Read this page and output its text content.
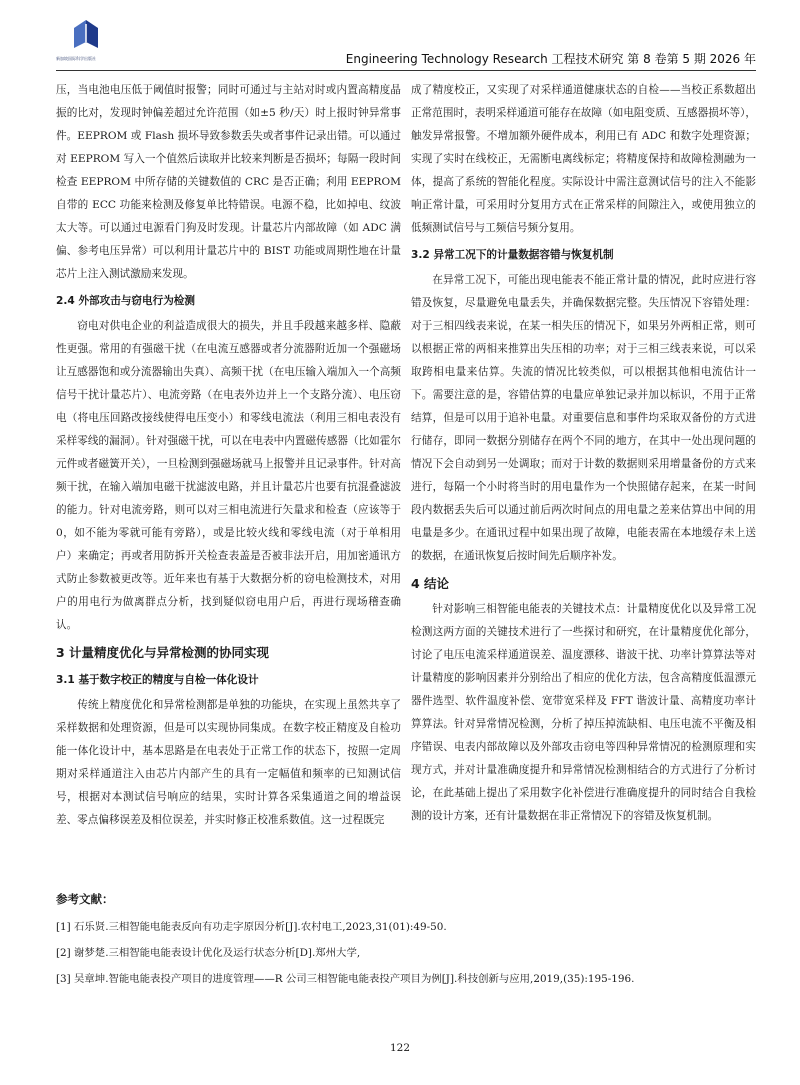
新加坡国际科学出版社	Engineering Technology Research 工程技术研究 第 8 卷第 5 期 2026 年

压，当电池电压低于阈值时报警；同时可通过与主站对时或内置高精度晶振的比对，发现时钟偏差超过允许范围（如±5 秒/天）时上报时钟异常事件。EEPROM 或 Flash 损坏导致参数丢失或者事件记录出错。可以通过对 EEPROM 写入一个值然后读取并比较来判断是否损坏；每隔一段时间检查 EEPROM 中所存储的关键数值的 CRC 是否正确；利用 EEPROM 自带的 ECC 功能来检测及修复单比特错误。电源不稳，比如掉电、纹波太大等。可以通过电源看门狗及时发现。计量芯片内部故障（如 ADC 满偏、参考电压异常）可以利用计量芯片中的 BIST 功能或周期性地在计量芯片上注入测试激励来发现。

2.4 外部攻击与窃电行为检测

窃电对供电企业的利益造成很大的损失，并且手段越来越多样、隐蔽性更强。常用的有强磁干扰（在电流互感器或者分流器附近加一个强磁场让互感器饱和或分流器输出失真）、高频干扰（在电压输入端加入一个高频信号干扰计量芯片）、电流旁路（在电表外边并上一个支路分流）、电压窃电（将电压回路改接线使得电压变小）和零线电流法（利用三相电表没有采样零线的漏洞）。针对强磁干扰，可以在电表中内置磁传感器（比如霍尔元件或者磁簧开关），一旦检测到强磁场就马上报警并且记录事件。针对高频干扰，在输入端加电磁干扰滤波电路，并且计量芯片也要有抗混叠滤波的能力。针对电流旁路，则可以对三相电流进行矢量求和检查（应该等于 0，如不能为零就可能有旁路），或是比较火线和零线电流（对于单相用户）来确定；再或者用防拆开关检查表盖是否被非法开启，用加密通讯方式防止参数被更改等。近年来也有基于大数据分析的窃电检测技术，对用户的用电行为做离群点分析，找到疑似窃电用户后，再进行现场稽查确认。

3 计量精度优化与异常检测的协同实现
3.1 基于数字校正的精度与自检一体化设计

传统上精度优化和异常检测都是单独的功能块，在实现上虽然共享了采样数据和处理资源，但是可以实现协同集成。在数字校正精度及自检功能一体化设计中，基本思路是在电表处于正常工作的状态下，按照一定周期对采样通道注入由芯片内部产生的具有一定幅值和频率的已知测试信号，根据对本测试信号响应的结果，实时计算各采集通道之间的增益误差、零点偏移误差及相位误差，并实时修正校准系数值。这一过程既完

成了精度校正，又实现了对采样通道健康状态的自检——当校正系数超出正常范围时，表明采样通道可能存在故障（如电阻变质、互感器损坏等），触发异常报警。不增加额外硬件成本，利用已有 ADC 和数字处理资源；实现了实时在线校正，无需断电离线标定；将精度保持和故障检测融为一体，提高了系统的智能化程度。实际设计中需注意测试信号的注入不能影响正常计量，可采用时分复用方式在正常采样的间隙注入，或使用独立的低频测试信号与工频信号频分复用。

3.2 异常工况下的计量数据容错与恢复机制

在异常工况下，可能出现电能表不能正常计量的情况，此时应进行容错及恢复，尽量避免电量丢失，并确保数据完整。失压情况下容错处理：对于三相四线表来说，在某一相失压的情况下，如果另外两相正常，则可以根据正常的两相来推算出失压相的功率；对于三相三线表来说，可以采取跨相电量来估算。失流的情况比较类似，可以根据其他相电流估计一下。需要注意的是，容错估算的电量应单独记录并加以标识，不用于正常结算，但是可以用于追补电量。对重要信息和事件均采取双备份的方式进行储存，即同一数据分别储存在两个不同的地方，在其中一处出现问题的情况下会自动到另一处调取；而对于计数的数据则采用增量备份的方式来进行，每隔一个小时将当时的用电量作为一个快照储存起来，在某一时间段内数据丢失后可以通过前后两次时间点的用电量之差来估算出中间的用电量是多少。在通讯过程中如果出现了故障，电能表需在本地缓存未上送的数据，在通讯恢复后按时间先后顺序补发。

4 结论

针对影响三相智能电能表的关键技术点：计量精度优化以及异常工况检测这两方面的关键技术进行了一些探讨和研究，在计量精度优化部分，讨论了电压电流采样通道误差、温度漂移、谐波干扰、功率计算算法等对计量精度的影响因素并分别给出了相应的优化方法，包含高精度低温漂元器件选型、软件温度补偿、宽带宽采样及 FFT 谐波计量、高精度功率计算算法。针对异常情况检测，分析了掉压掉流缺相、电压电流不平衡及相序错误、电表内部故障以及外部攻击窃电等四种异常情况的检测原理和实现方式，并对计量准确度提升和异常情况检测相结合的方式进行了分析讨论，在此基础上提出了采用数字化补偿进行准确度提升的同时结合自我检测的设计方案，还有计量数据在非正常情况下的容错及恢复机制。

参考文献：
[1] 石乐贤.三相智能电能表反向有功走字原因分析[J].农村电工,2023,31(01):49-50.
[2] 谢梦楚.三相智能电能表设计优化及运行状态分析[D].郑州大学,
[3] 吴章坤.智能电能表投产项目的进度管理——R 公司三相智能电能表投产项目为例[J].科技创新与应用,2019,(35):195-196.
122
